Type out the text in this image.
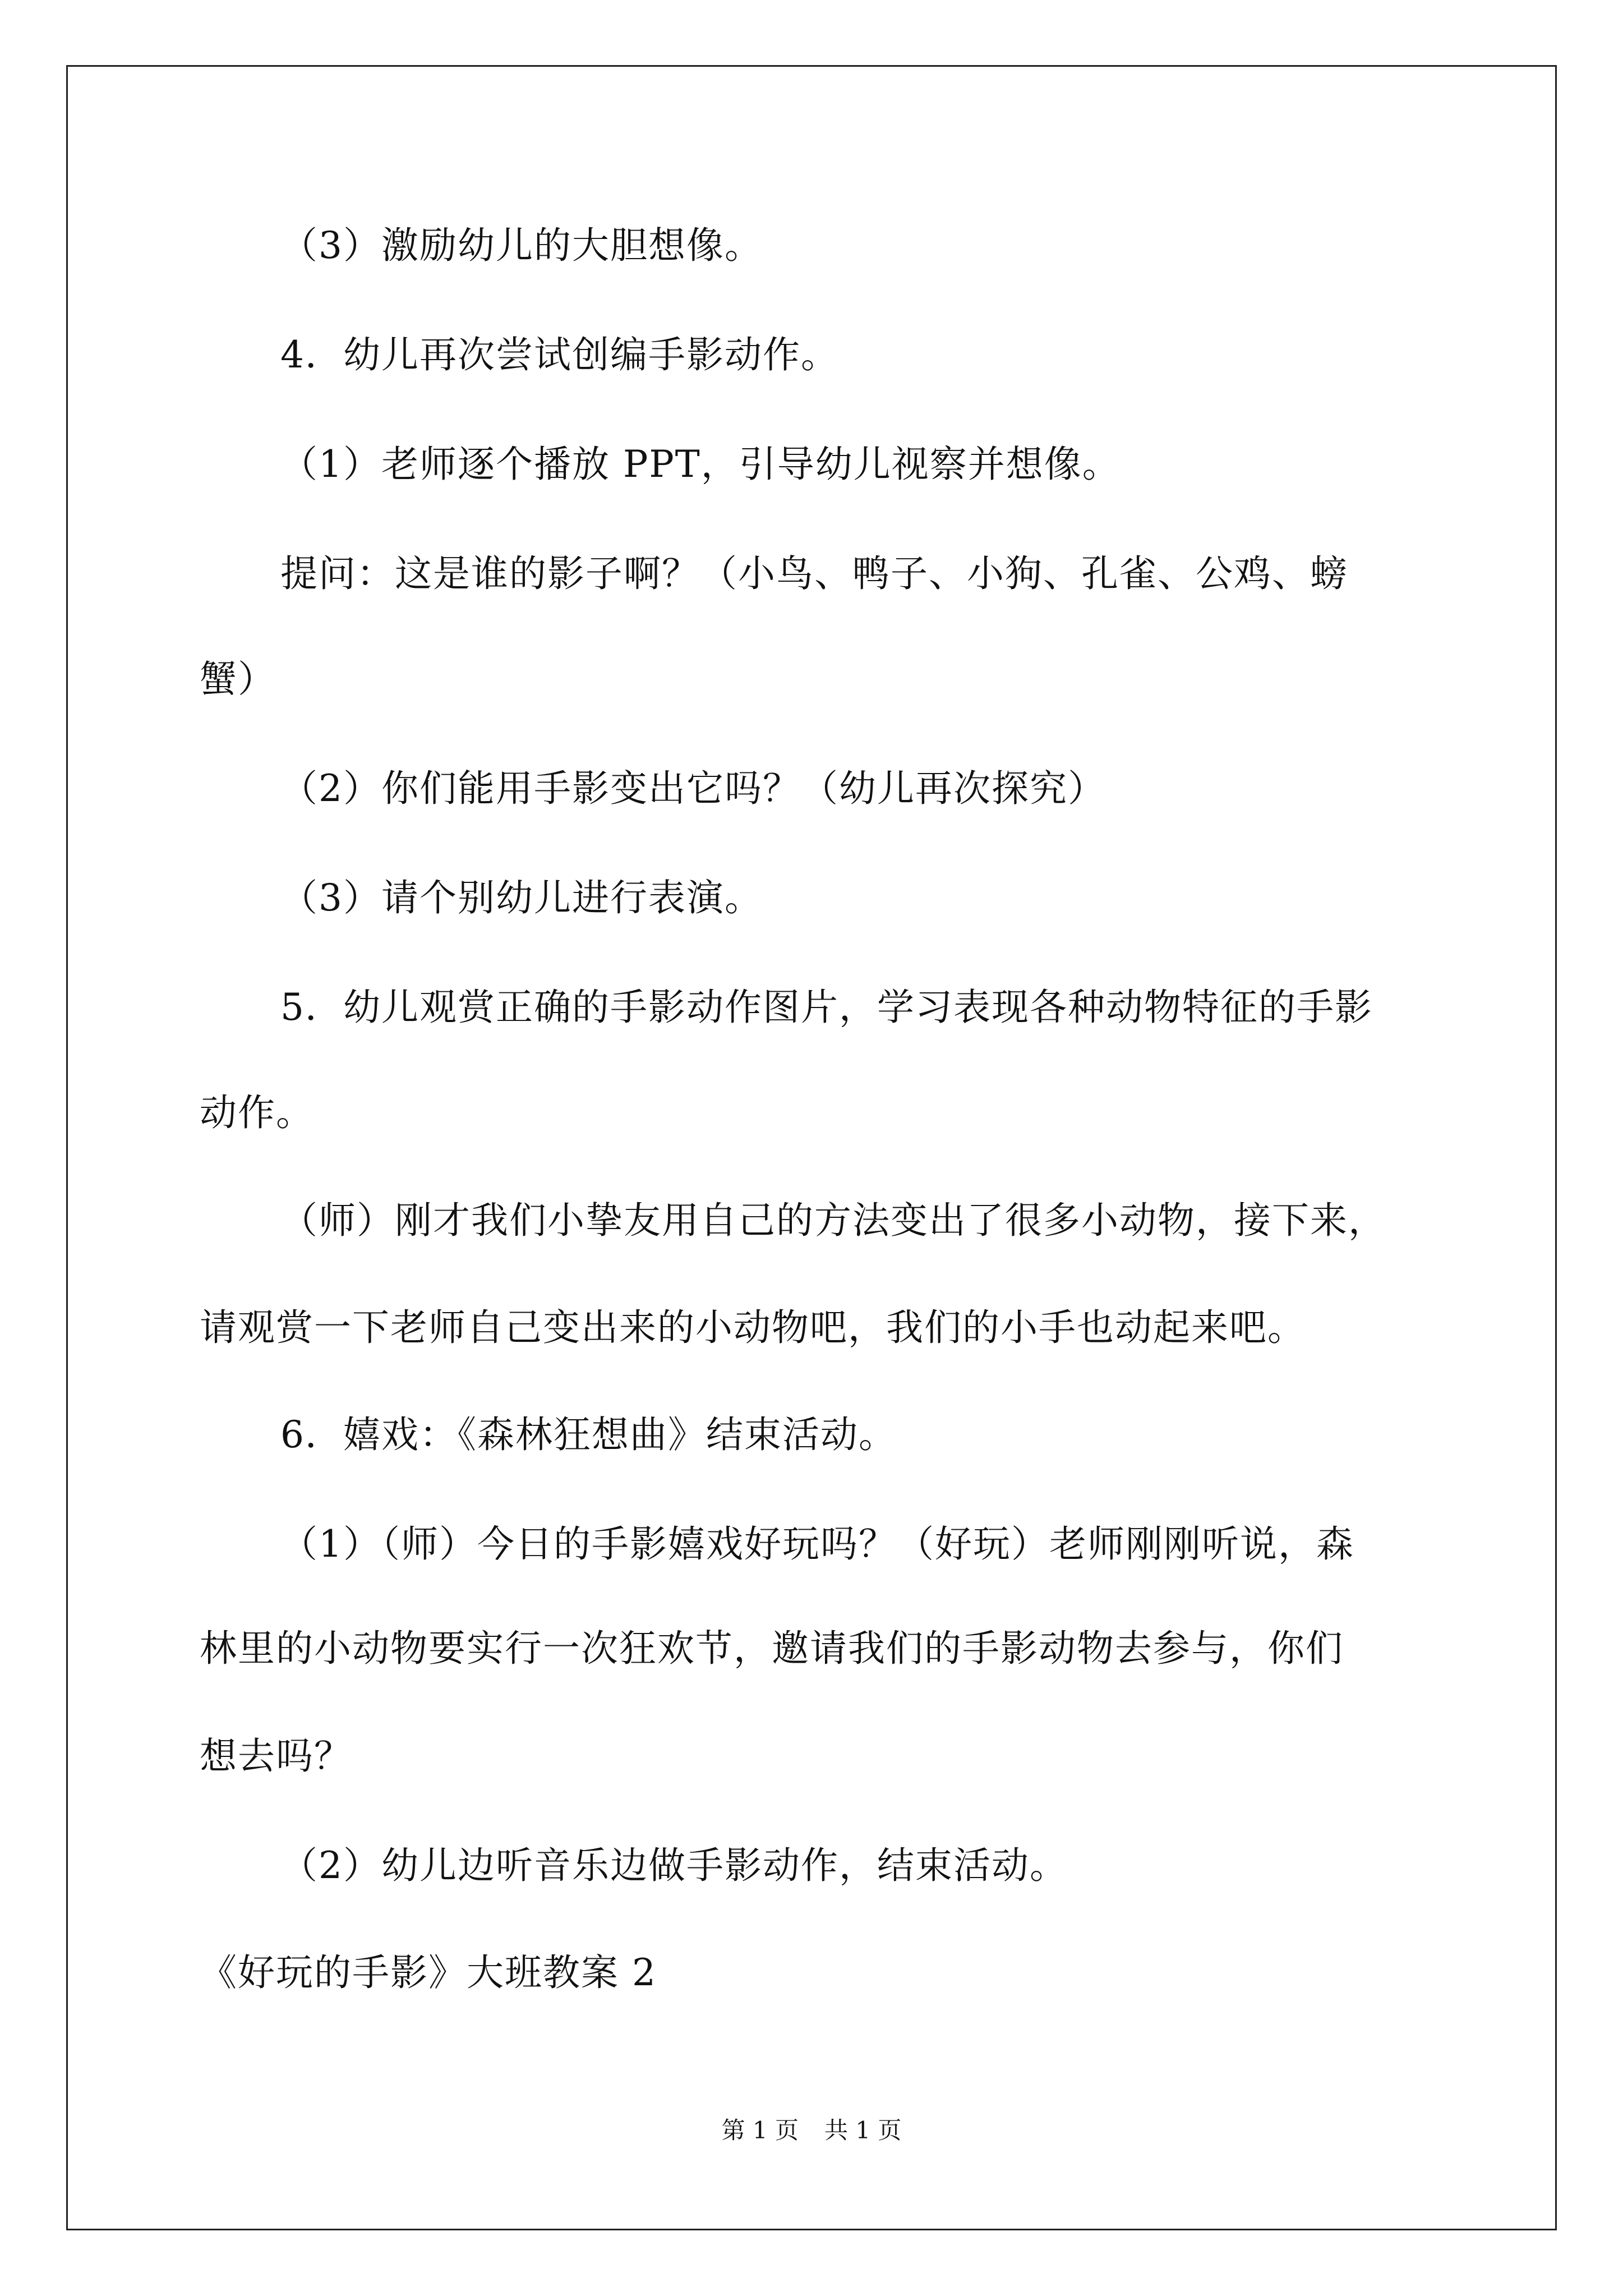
（3）激励幼儿的大胆想像。
4．幼儿再次尝试创编手影动作。
（1）老师逐个播放 PPT，引导幼儿视察并想像。
提问：这是谁的影子啊？（小鸟、鸭子、小狗、孔雀、公鸡、螃
蟹）
（2）你们能用手影变出它吗？（幼儿再次探究）
（3）请个别幼儿进行表演。
5．幼儿观赏正确的手影动作图片，学习表现各种动物特征的手影
动作。
（师）刚才我们小挚友用自己的方法变出了很多小动物，接下来，
请观赏一下老师自己变出来的小动物吧，我们的小手也动起来吧。
6．嬉戏：《森林狂想曲》结束活动。
（1）（师）今日的手影嬉戏好玩吗？（好玩）老师刚刚听说，森
林里的小动物要实行一次狂欢节，邀请我们的手影动物去参与，你们
想去吗？
（2）幼儿边听音乐边做手影动作，结束活动。
《好玩的手影》大班教案 2
第 1 页 共 1 页
